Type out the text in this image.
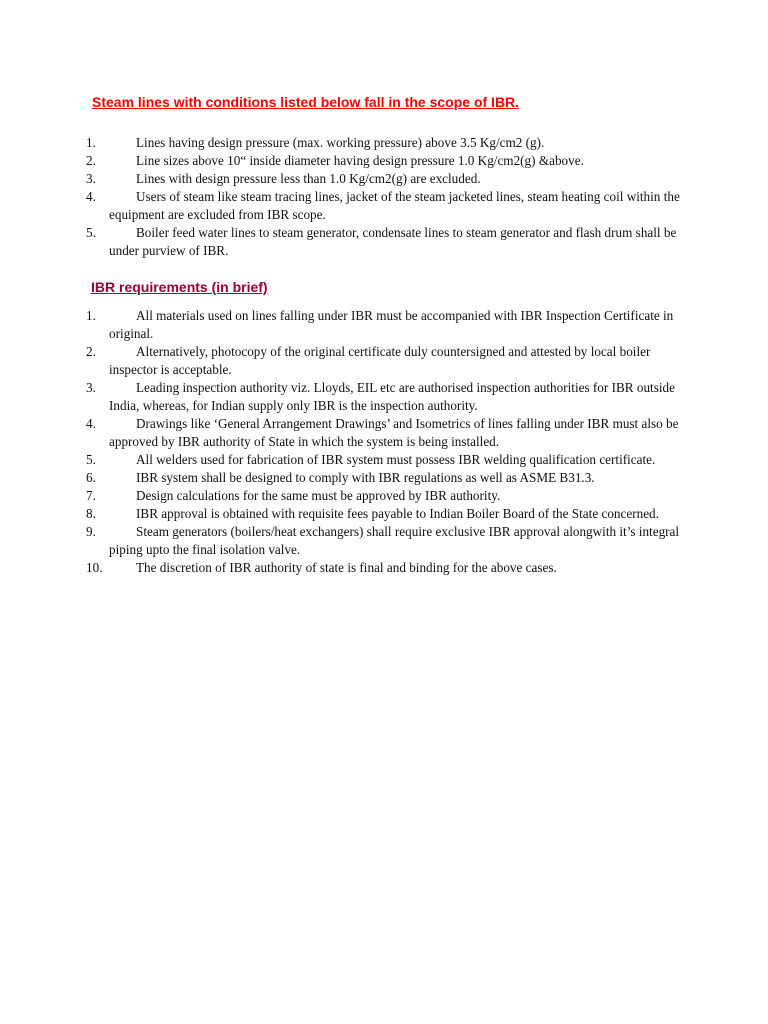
Steam lines with conditions listed below fall in the scope of IBR.
1.	Lines having design pressure (max. working pressure) above 3.5 Kg/cm2 (g).
2.	Line sizes above 10“ inside diameter having design pressure 1.0 Kg/cm2(g) &above.
3.	Lines with design pressure less than 1.0 Kg/cm2(g) are excluded.
4.	Users of steam like steam tracing lines, jacket of the steam jacketed lines, steam heating coil within the equipment are excluded from IBR scope.
5.	Boiler feed water lines to steam generator, condensate lines to steam generator and flash drum shall be under purview of IBR.
IBR requirements (in brief)
1.	All materials used on lines falling under IBR must be accompanied with IBR Inspection Certificate in original.
2.	Alternatively, photocopy of the original certificate duly countersigned and attested by local boiler inspector is acceptable.
3.	Leading inspection authority viz. Lloyds, EIL etc are authorised inspection authorities for IBR outside India, whereas, for Indian supply only IBR is the inspection authority.
4.	Drawings like ‘General Arrangement Drawings’ and Isometrics of lines falling under IBR must also be approved by IBR authority of State in which the system is being installed.
5.	All welders used for fabrication of IBR system must possess IBR welding qualification certificate.
6.	IBR system shall be designed to comply with IBR regulations as well as ASME B31.3.
7.	Design calculations for the same must be approved by IBR authority.
8.	IBR approval is obtained with requisite fees payable to Indian Boiler Board of the State concerned.
9.	Steam generators (boilers/heat exchangers) shall require exclusive IBR approval alongwith it’s integral piping upto the final isolation valve.
10.	The discretion of IBR authority of state is final and binding for the above cases.
